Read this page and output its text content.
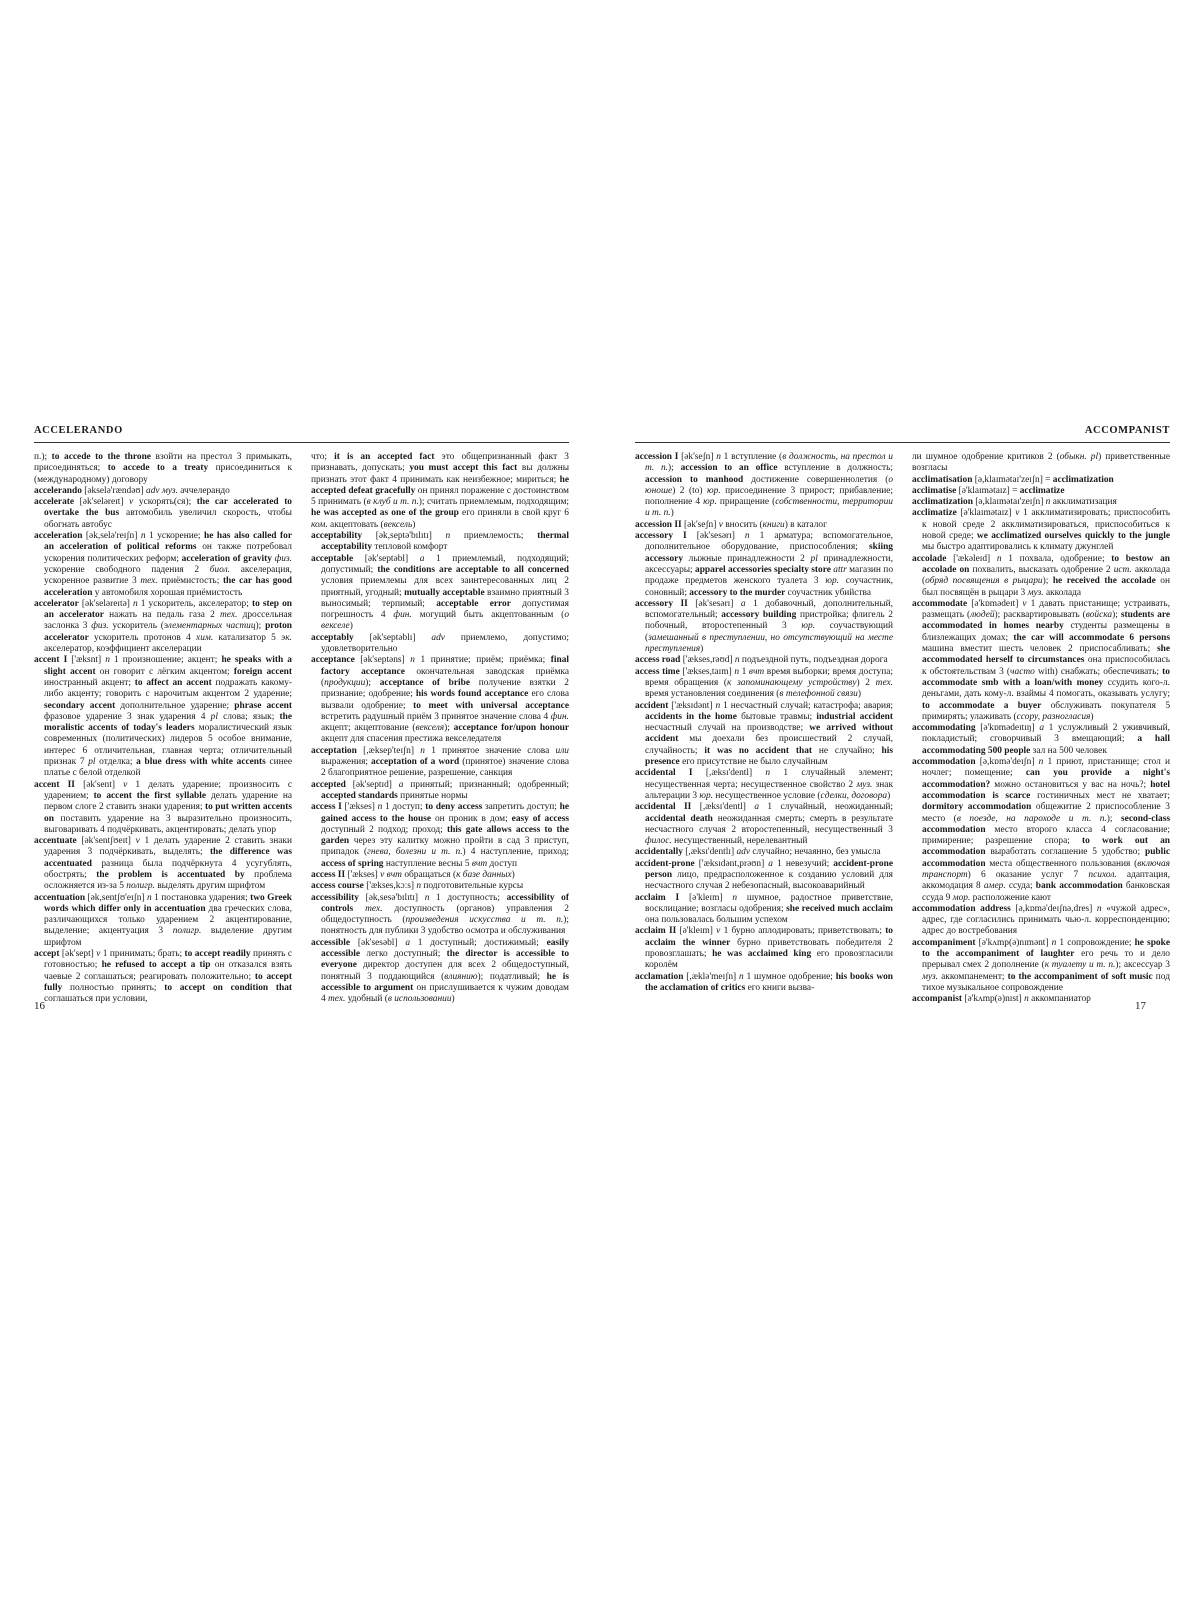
ACCELERANDO
п.); to accede to the throne взойти на престол 3 примыкать, присоединяться; to accede to a treaty присоединиться к (международному) договору
accelerando [əkselə'rændəʊ] adv муз. аччелерандо
accelerate [ək'seləreɪt] v ускорять(ся); the car accelerated to overtake the bus автомобиль увеличил скорость, чтобы обогнать автобус
acceleration [ək,selə'reɪʃn] n 1 ускорение; he has also called for an acceleration of political reforms он также потребовал ускорения политических реформ; acceleration of gravity физ. ускорение свободного падения 2 биол. акселерация, ускоренное развитие 3 тех. приёмистость; the car has good acceleration у автомобиля хорошая приёмистость
accelerator [ək'seləreɪtə] n 1 ускоритель, акселератор; to step on an accelerator нажать на педаль газа 2 тех. дроссельная заслонка 3 физ. ускоритель (элементарных частиц); proton accelerator ускоритель протонов 4 хим. катализатор 5 эк. акселератор, коэффициент акселерации
accent I ['æksnt] n 1 произношение; акцент; he speaks with a slight accent он говорит с лёгким акцентом; foreign accent иностранный акцент; to affect an accent подражать какому-либо акценту; говорить с нарочитым акцентом 2 ударение; secondary accent дополнительное ударение; phrase accent фразовое ударение 3 знак ударения 4 pl слова; язык; the moralistic accents of today's leaders моралистический язык современных (политических) лидеров 5 особое внимание, интерес 6 отличительная, главная черта; отличительный признак 7 pl отделка; a blue dress with white accents синее платье с белой отделкой
accent II [ək'sent] v 1 делать ударение; произносить с ударением; to accent the first syllable делать ударение на первом слоге 2 ставить знаки ударения; to put written accents on поставить ударение на 3 выразительно произносить, выговаривать 4 подчёркивать, акцентировать; делать упор
accentuate [ək'sentʃʊeɪt] v 1 делать ударение 2 ставить знаки ударения 3 подчёркивать, выделять; the difference was accentuated разница была подчёркнута 4 усугублять, обострять; the problem is accentuated by проблема осложняется из-за 5 полигр. выделять другим шрифтом
accentuation [ək,sentʃʊ'eɪʃn] n 1 постановка ударения; two Greek words which differ only in accentuation два греческих слова, различающихся только ударением 2 акцентирование, выделение; акцентуация 3 полигр. выделение другим шрифтом
accept [ək'sept] v 1 принимать; брать; to accept readily принять с готовностью; he refused to accept a tip он отказался взять чаевые 2 соглашаться; реагировать положительно; to accept fully полностью принять; to accept on condition that соглашаться при условии,
что; it is an accepted fact это общепризнанный факт 3 признавать, допускать; you must accept this fact вы должны признать этот факт 4 принимать как неизбежное; мириться; he accepted defeat gracefully он принял поражение с достоинством 5 принимать (в клуб и т. п.); считать приемлемым, подходящим; he was accepted as one of the group его приняли в свой круг 6 ком. акцептовать (вексель)
acceptability [ək,septə'bɪlɪtɪ] n приемлемость; thermal acceptability тепловой комфорт
acceptable [ək'septəbl] a 1 приемлемый, подходящий; допустимый; the conditions are acceptable to all concerned условия приемлемы для всех заинтересованных лиц 2 приятный, угодный; mutually acceptable взаимно приятный 3 выносимый; терпимый; acceptable error допустимая погрешность 4 фин. могущий быть акцептованным (о векселе)
acceptably [ək'septəblɪ] adv приемлемо, допустимо; удовлетворительно
acceptance [ək'septəns] n 1 принятие; приём; приёмка; final factory acceptance окончательная заводская приёмка (продукции); acceptance of bribe получение взятки 2 признание; одобрение; his words found acceptance его слова вызвали одобрение; to meet with universal acceptance встретить радушный приём 3 принятое значение слова 4 фин. акцепт; акцептование (векселя); acceptance for/upon honour акцепт для спасения престижа векселедателя
acceptation [,æksep'teɪʃn] n 1 принятое значение слова или выражения; acceptation of a word (принятое) значение слова 2 благоприятное решение, разрешение, санкция
accepted [ək'septɪd] a принятый; признанный; одобренный; accepted standards принятые нормы
access I ['ækses] n 1 доступ; to deny access запретить доступ; he gained access to the house он проник в дом; easy of access доступный 2 подход; проход; this gate allows access to the garden через эту калитку можно пройти в сад 3 приступ, припадок (гнева, болезни и т. п.) 4 наступление, приход; access of spring наступление весны 5 вчт доступ
access II ['ækses] v вчт обращаться (к базе данных)
access course ['ækses,kɔːs] n подготовительные курсы
accessibility [ək,sesə'bɪlɪtɪ] n 1 доступность; accessibility of controls тех. доступность (органов) управления 2 общедоступность (произведения искусства и т. п.); понятность для публики 3 удобство осмотра и обслуживания
accessible [ək'sesəbl] a 1 доступный; достижимый; easily accessible легко доступный; the director is accessible to everyone директор доступен для всех 2 общедоступный, понятный 3 поддающийся (влиянию); податливый; he is accessible to argument он прислушивается к чужим доводам 4 тех. удобный (в использовании)
ACCOMPANIST
accession I [ək'seʃn] n 1 вступление (в должность, на престол и т. п.); accession to an office вступление в должность; accession to manhood достижение совершеннолетия (о юноше) 2 (to) юр. присоединение 3 прирост; прибавление; пополнение 4 юр. приращение (собственности, территории и т. п.)
accession II [ək'seʃn] v вносить (книги) в каталог
accessory I [ək'sesərɪ] n 1 арматура; вспомогательное, дополнительное оборудование, приспособления; skiing accessory лыжные принадлежности 2 pl принадлежности, аксессуары; apparel accessories specialty store attr магазин по продаже предметов женского туалета 3 юр. соучастник, соновный; accessory to the murder соучастник убийства
accessory II [ək'sesərɪ] a 1 добавочный, дополнительный, вспомогательный; accessory building пристройка; флигель 2 побочный, второстепенный 3 юр. соучаствующий (замешанный в преступлении, но отсутствующий на месте преступления)
access road ['ækses,rəʊd] n подъездной путь, подъездная дорога
access time ['ækses,taɪm] n 1 вчт время выборки; время доступа; время обращения (к запоминающему устройству) 2 тех. время установления соединения (в телефонной связи)
accident ['æksɪdənt] n 1 несчастный случай; катастрофа; авария; accidents in the home бытовые травмы; industrial accident несчастный случай на производстве; we arrived without accident мы доехали без происшествий 2 случай, случайность; it was no accident that не случайно; his presence его присутствие не было случайным
accidental I [,æksɪ'dentl] n 1 случайный элемент; несущественная черта; несущественное свойство 2 муз. знак альтерации 3 юр. несущественное условие (сделки, договора)
accidental II [,æksɪ'dentl] a 1 случайный, неожиданный; accidental death неожиданная смерть; смерть в результате несчастного случая 2 второстепенный, несущественный 3 филос. несущественный, нерелевантный
accidentally [,æksɪ'dentlɪ] adv случайно; нечаянно, без умысла
accident-prone ['æksɪdənt,prəʊn] a 1 невезучий; accident-prone person лицо, предрасположенное к созданию условий для несчастного случая 2 небезопасный, высокоаварийный
acclaim I [ə'kleɪm] n шумное, радостное приветствие, восклицание; возгласы одобрения; she received much acclaim она пользовалась большим успехом
acclaim II [ə'kleɪm] v 1 бурно аплодировать; приветствовать; to acclaim the winner бурно приветствовать победителя 2 провозглашать; he was acclaimed king его провозгласили королём
acclamation [,æklə'meɪʃn] n 1 шумное одобрение; his books won the acclamation of critics его книги вызва-
ли шумное одобрение критиков 2 (обыкн. pl) приветственные возгласы
acclimatisation [ə,klaɪmətaɪ'zeɪʃn] = acclimatization
acclimatise [ə'klaɪmətaɪz] = acclimatize
acclimatization [ə,klaɪmətaɪ'zeɪʃn] n акклиматизация
acclimatize [ə'klaɪmətaɪz] v 1 акклиматизировать; приспособить к новой среде 2 акклиматизироваться, приспособиться к новой среде; we acclimatized ourselves quickly to the jungle мы быстро адаптировались к климату джунглей
accolade ['ækəleɪd] n 1 похвала, одобрение; to bestow an accolade on похвалить, высказать одобрение 2 ист. акколада (обряд посвящения в рыцари); he received the accolade он был посвящён в рыцари 3 муз. акколада
accommodate [ə'kɒmədeɪt] v 1 давать пристанище; устраивать, размещать (людей); расквартировывать (войска); students are accommodated in homes nearby студенты размещены в близлежащих домах; the car will accommodate 6 persons машина вместит шесть человек 2 приспосабливать; she accommodated herself to circumstances она приспособилась к обстоятельствам 3 (часто with) снабжать; обеспечивать; to accommodate smb with a loan/with money ссудить кого-л. деньгами, дать кому-л. взаймы 4 помогать, оказывать услугу; to accommodate a buyer обслуживать покупателя 5 примирять; улаживать (ссору, разногласия)
accommodating [ə'kɒmədeɪtɪŋ] a 1 услужливый 2 уживчивый, покладистый; сговорчивый 3 вмещающий; a hall accommodating 500 people зал на 500 человек
accommodation [ə,kɒmə'deɪʃn] n 1 приют, пристанище; стол и ночлег; помещение; can you provide a night's accommodation? можно остановиться у вас на ночь?; hotel accommodation is scarce гостиничных мест не хватает; dormitory accommodation общежитие 2 приспособление 3 место (в поезде, на пароходе и т. п.); second-class accommodation место второго класса 4 согласование; примирение; разрешение спора; to work out an accommodation выработать соглашение 5 удобство; public accommodation места общественного пользования (включая транспорт) 6 оказание услуг 7 психол. адаптация, аккомодация 8 амер. ссуда; bank accommodation банковская ссуда 9 мор. расположение кают
accommodation address [ə,kɒmə'deɪʃnə,dres] n «чужой адрес», адрес, где согласились принимать чью-л. корреспонденцию; адрес до востребования
accompaniment [ə'kʌmp(ə)nɪmənt] n 1 сопровождение; he spoke to the accompaniment of laughter его речь то и дело прерывал смех 2 дополнение (к туалету и т. п.); аксессуар 3 муз. аккомпанемент; to the accompaniment of soft music под тихое музыкальное сопровождение
accompanist [ə'kʌmp(ə)nɪst] n аккомпаниатор
16	17
